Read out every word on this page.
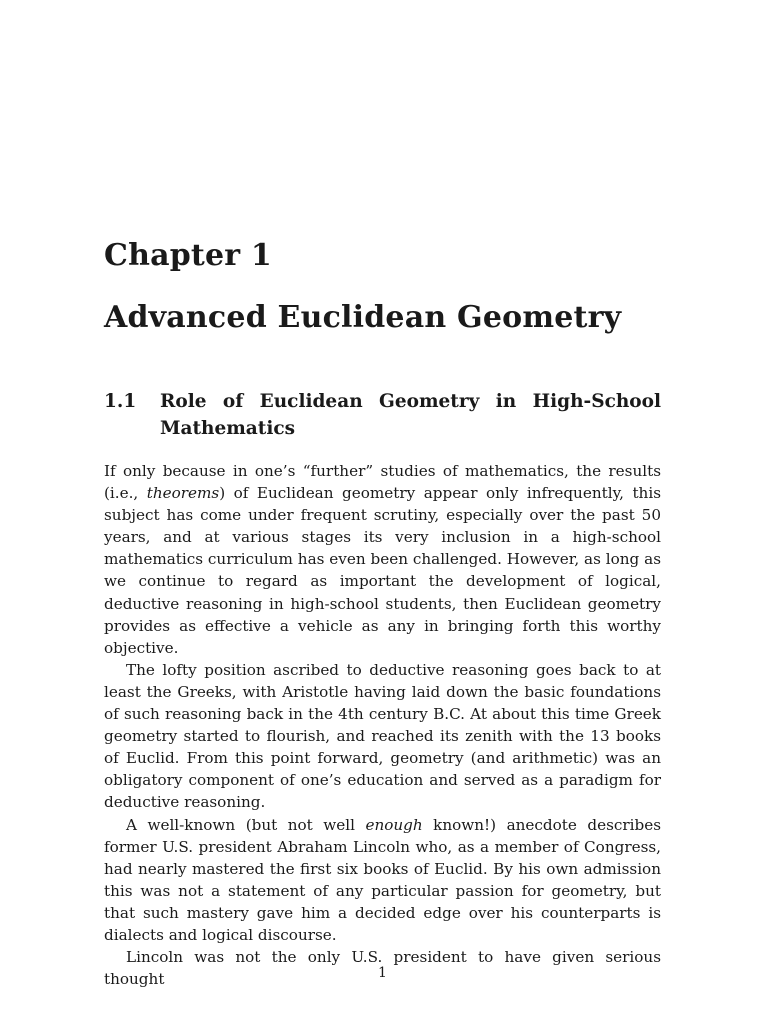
Chapter 1
Advanced Euclidean Geometry
1.1 Role of Euclidean Geometry in High-School Mathematics

If only because in one’s “further” studies of mathematics, the results (i.e., theorems) of Euclidean geometry appear only infrequently, this subject has come under frequent scrutiny, especially over the past 50 years, and at various stages its very inclusion in a high-school mathematics curriculum has even been challenged. However, as long as we continue to regard as important the development of logical, deductive reasoning in high-school students, then Euclidean geometry provides as effective a vehicle as any in bringing forth this worthy objective.

The lofty position ascribed to deductive reasoning goes back to at least the Greeks, with Aristotle having laid down the basic foundations of such reasoning back in the 4th century B.C. At about this time Greek geometry started to flourish, and reached its zenith with the 13 books of Euclid. From this point forward, geometry (and arithmetic) was an obligatory component of one’s education and served as a paradigm for deductive reasoning.

A well-known (but not well enough known!) anecdote describes former U.S. president Abraham Lincoln who, as a member of Congress, had nearly mastered the first six books of Euclid. By his own admission this was not a statement of any particular passion for geometry, but that such mastery gave him a decided edge over his counterparts is dialects and logical discourse.

Lincoln was not the only U.S. president to have given serious thought	1
